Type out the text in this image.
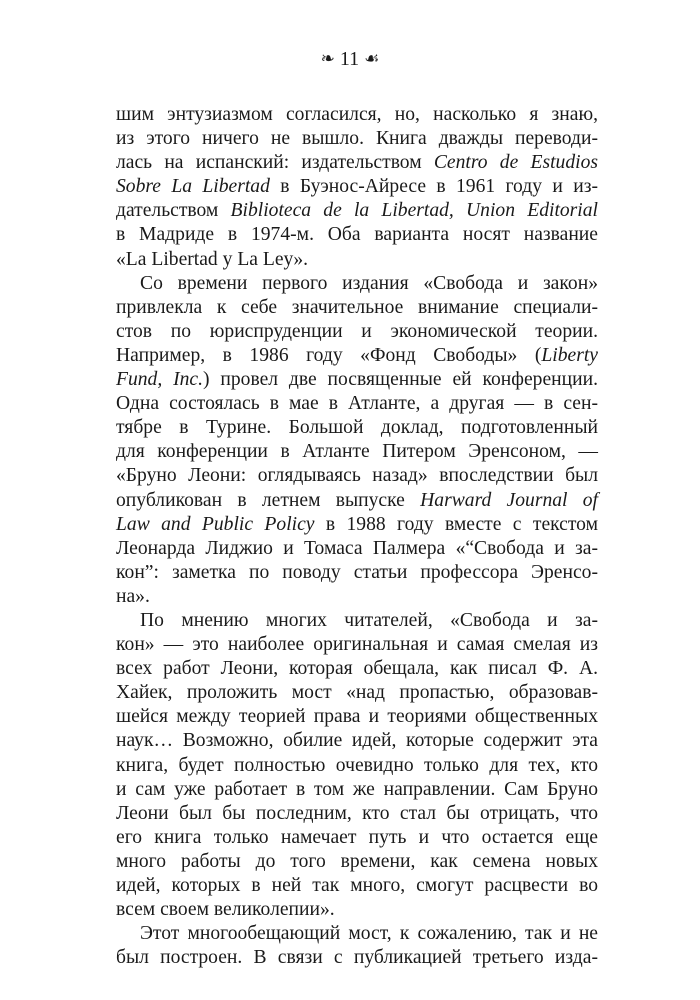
❧ 11 ☙
шим энтузиазмом согласился, но, насколько я знаю,
из этого ничего не вышло. Книга дважды переводи-
лась на испанский: издательством Centro de Estudios
Sobre La Libertad в Буэнос-Айресе в 1961 году и из-
дательством Biblioteca de la Libertad, Union Editorial
в Мадриде в 1974-м. Оба варианта носят название
«La Libertad y La Ley».
Со времени первого издания «Свобода и закон»
привлекла к себе значительное внимание специали-
стов по юриспруденции и экономической теории.
Например, в 1986 году «Фонд Свободы» (Liberty
Fund, Inc.) провел две посвященные ей конференции.
Одна состоялась в мае в Атланте, а другая — в сен-
тябре в Турине. Большой доклад, подготовленный
для конференции в Атланте Питером Эренсоном, —
«Бруно Леони: оглядываясь назад» впоследствии был
опубликован в летнем выпуске Harward Journal of
Law and Public Policy в 1988 году вместе с текстом
Леонарда Лиджио и Томаса Палмера «“Свобода и за-
кон”: заметка по поводу статьи профессора Эренсо-
на».
По мнению многих читателей, «Свобода и за-
кон» — это наиболее оригинальная и самая смелая из
всех работ Леони, которая обещала, как писал Ф. А.
Хайек, проложить мост «над пропастью, образовав-
шейся между теорией права и теориями общественных
наук… Возможно, обилие идей, которые содержит эта
книга, будет полностью очевидно только для тех, кто
и сам уже работает в том же направлении. Сам Бруно
Леони был бы последним, кто стал бы отрицать, что
его книга только намечает путь и что остается еще
много работы до того времени, как семена новых
идей, которых в ней так много, смогут расцвести во
всем своем великолепии».
Этот многообещающий мост, к сожалению, так и не
был построен. В связи с публикацией третьего изда-
